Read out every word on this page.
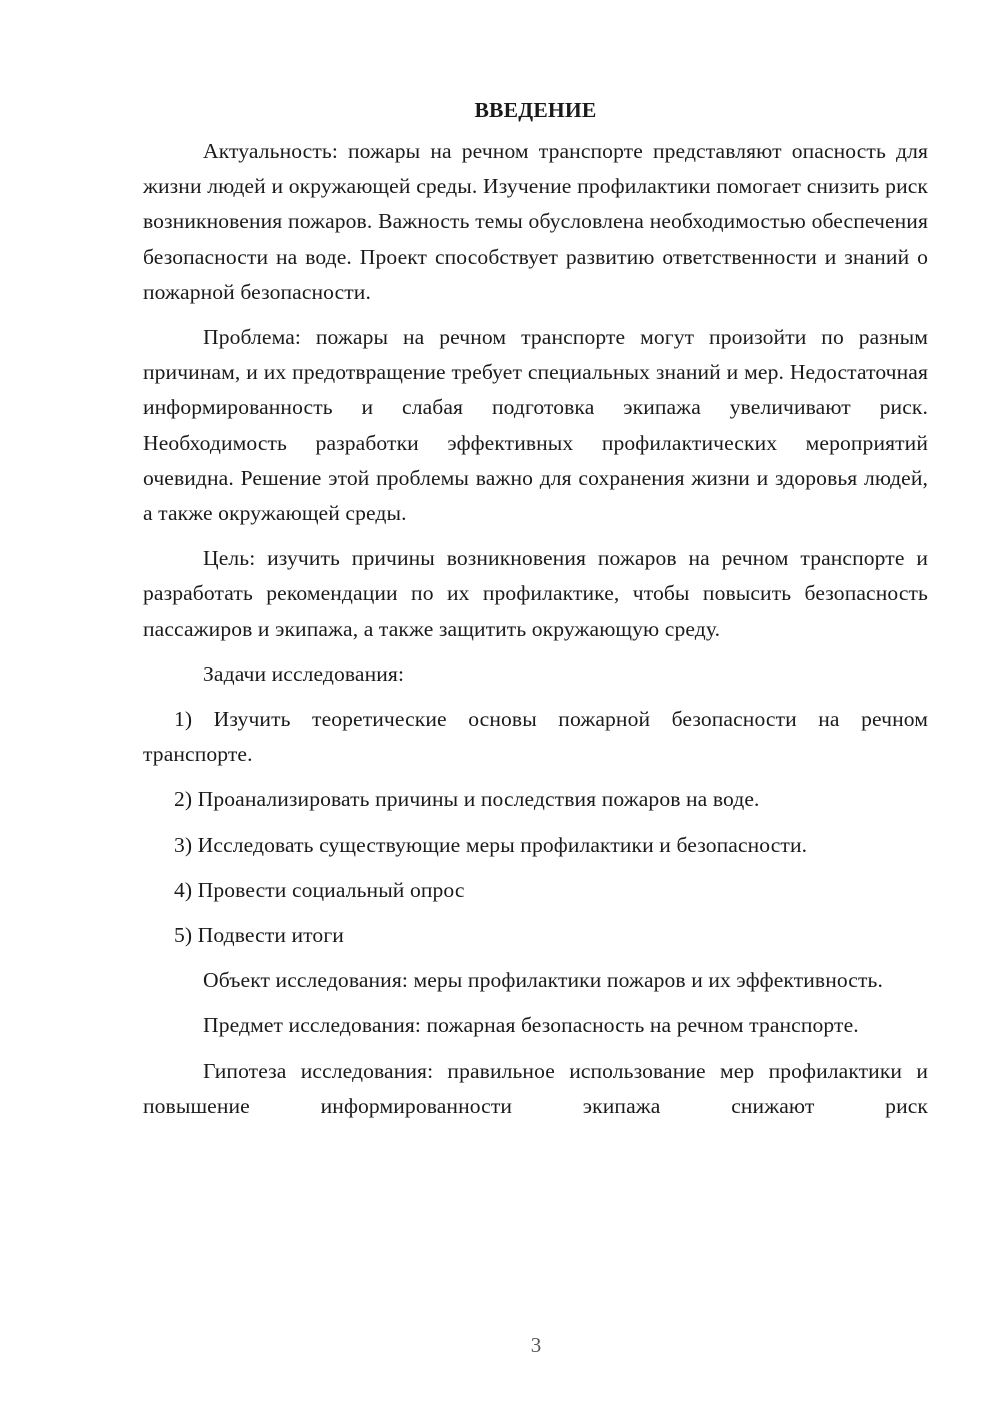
ВВЕДЕНИЕ

Актуальность: пожары на речном транспорте представляют опасность для жизни людей и окружающей среды. Изучение профилактики помогает снизить риск возникновения пожаров. Важность темы обусловлена необходимостью обеспечения безопасности на воде. Проект способствует развитию ответственности и знаний о пожарной безопасности.

Проблема: пожары на речном транспорте могут произойти по разным причинам, и их предотвращение требует специальных знаний и мер. Недостаточная информированность и слабая подготовка экипажа увеличивают риск. Необходимость разработки эффективных профилактических мероприятий очевидна. Решение этой проблемы важно для сохранения жизни и здоровья людей, а также окружающей среды.

Цель: изучить причины возникновения пожаров на речном транспорте и разработать рекомендации по их профилактике, чтобы повысить безопасность пассажиров и экипажа, а также защитить окружающую среду.

Задачи исследования:

1) Изучить теоретические основы пожарной безопасности на речном транспорте.

2) Проанализировать причины и последствия пожаров на воде.

3) Исследовать существующие меры профилактики и безопасности.

4) Провести социальный опрос

5) Подвести итоги

Объект исследования: меры профилактики пожаров и их эффективность.

Предмет исследования: пожарная безопасность на речном транспорте.

Гипотеза исследования: правильное использование мер профилактики и повышение информированности экипажа снижают риск

3
